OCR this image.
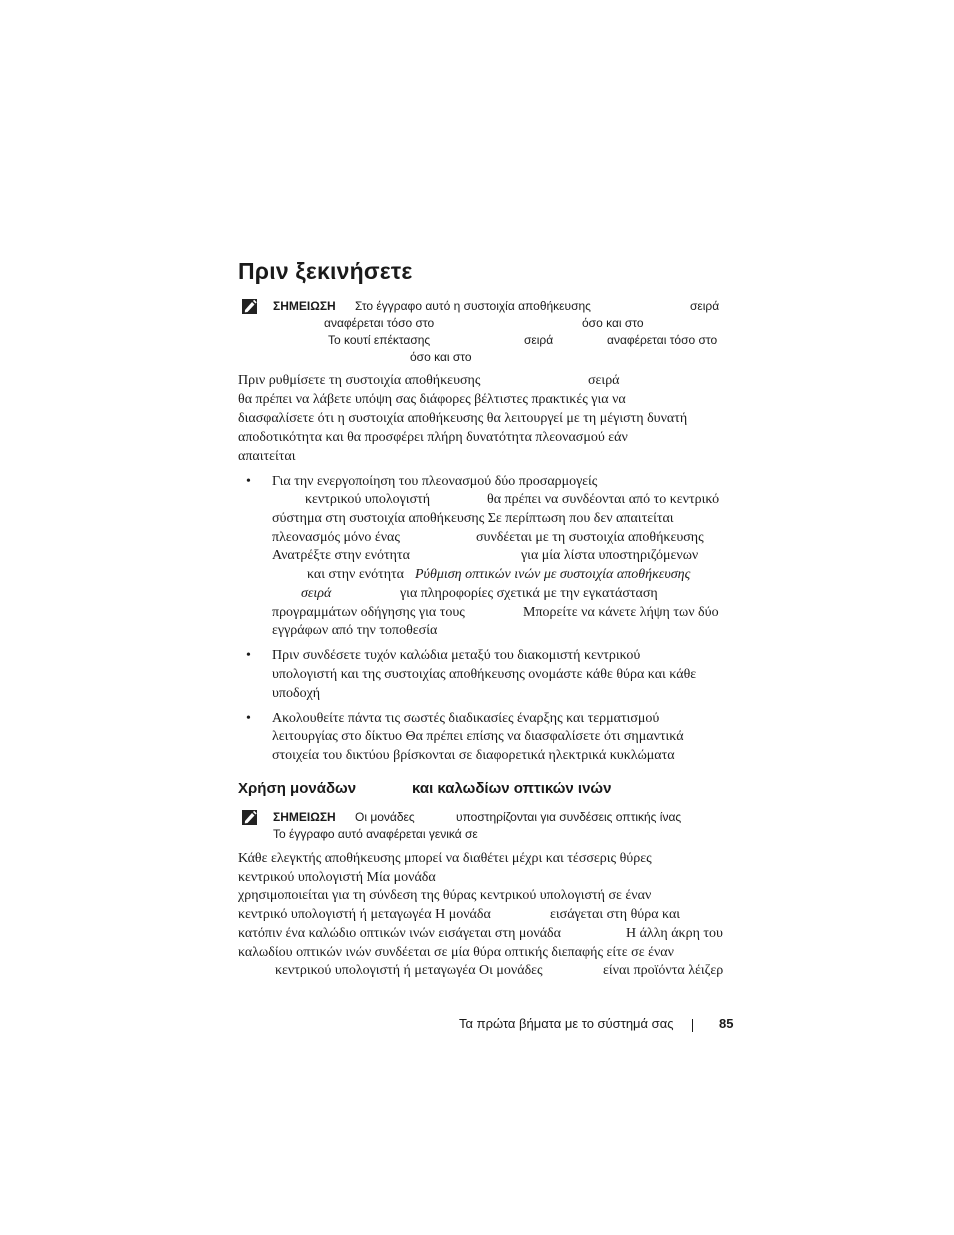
Πριν ξεκινήσετε
ΣΗΜΕΙΩΣΗ Στο έγγραφο αυτό η συστοιχία αποθήκευσης	σειρά
αναφέρεται τόσο στο	όσο και στο
Το κουτί επέκτασης	σειρά	αναφέρεται τόσο στο
όσο και στο
Πριν ρυθμίσετε τη συστοιχία αποθήκευσης	σειρά
θα πρέπει να λάβετε υπόψη σας διάφορες βέλτιστες πρακτικές για να
διασφαλίσετε ότι η συστοιχία αποθήκευσης θα λειτουργεί με τη μέγιστη δυνατή
αποδοτικότητα και θα προσφέρει πλήρη δυνατότητα πλεονασμού εάν
απαιτείται
• Για την ενεργοποίηση του πλεονασμού δύο προσαρμογείς
κεντρικού υπολογιστή	θα πρέπει να συνδέονται από το κεντρικό
σύστημα στη συστοιχία αποθήκευσης Σε περίπτωση που δεν απαιτείται
πλεονασμός μόνο ένας	συνδέεται με τη συστοιχία αποθήκευσης
Ανατρέξτε στην ενότητα	για μία λίστα υποστηριζόμενων
και στην ενότητα Ρύθμιση οπτικών ινών με συστοιχία αποθήκευσης
σειρά	για πληροφορίες σχετικά με την εγκατάσταση
προγραμμάτων οδήγησης για τους	Μπορείτε να κάνετε λήψη των δύο
εγγράφων από την τοποθεσία
• Πριν συνδέσετε τυχόν καλώδια μεταξύ του διακομιστή κεντρικού
υπολογιστή και της συστοιχίας αποθήκευσης ονομάστε κάθε θύρα και κάθε
υποδοχή
• Ακολουθείτε πάντα τις σωστές διαδικασίες έναρξης και τερματισμού
λειτουργίας στο δίκτυο Θα πρέπει επίσης να διασφαλίσετε ότι σημαντικά
στοιχεία του δικτύου βρίσκονται σε διαφορετικά ηλεκτρικά κυκλώματα
Χρήση μονάδων	και καλωδίων οπτικών ινών
ΣΗΜΕΙΩΣΗ Οι μονάδες	υποστηρίζονται για συνδέσεις οπτικής ίνας
Το έγγραφο αυτό αναφέρεται γενικά σε
Κάθε ελεγκτής αποθήκευσης μπορεί να διαθέτει μέχρι και τέσσερις θύρες
κεντρικού υπολογιστή Μία μονάδα
χρησιμοποιείται για τη σύνδεση της θύρας κεντρικού υπολογιστή σε έναν
κεντρικό υπολογιστή ή μεταγωγέα Η μονάδα	εισάγεται στη θύρα και
κατόπιν ένα καλώδιο οπτικών ινών εισάγεται στη μονάδα	Η άλλη άκρη του
καλωδίου οπτικών ινών συνδέεται σε μία θύρα οπτικής διεπαφής είτε σε έναν
κεντρικού υπολογιστή ή μεταγωγέα Οι μονάδες	είναι προϊόντα λέιζερ
Τα πρώτα βήματα με το σύστημά σας	85
